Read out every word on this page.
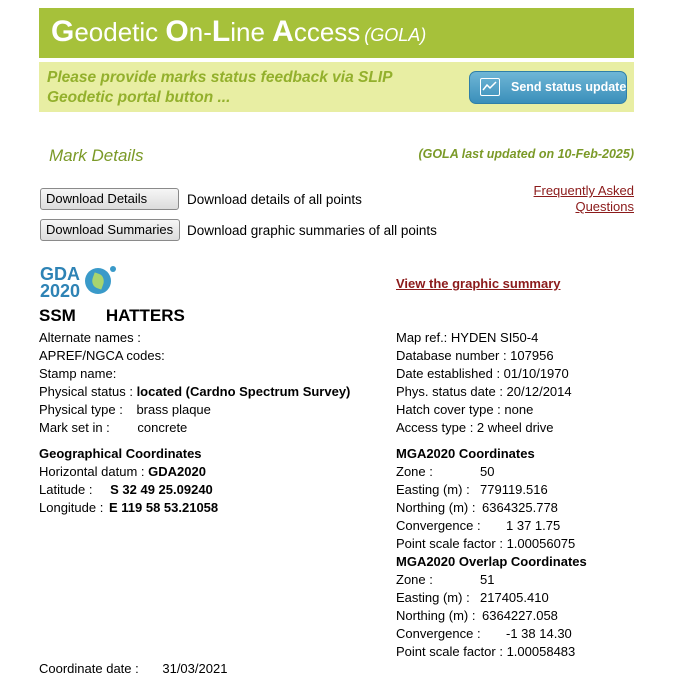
Geodetic On-Line Access (GOLA)
Please provide marks status feedback via SLIP
Geodetic portal button ...
Send status update
Mark Details	(GOLA last updated on 10-Feb-2025)
Download Details	Download details of all points
Download Summaries	Download graphic summaries of all points
Frequently Asked
Questions
GDA
2020	View the graphic summary
SSM HATTERS
Alternate names :
APREF/NGCA codes:
Stamp name:
Physical status : located (Cardno Spectrum Survey)
Physical type : brass plaque
Mark set in : concrete
Geographical Coordinates
Horizontal datum : GDA2020
Latitude : S 32 49 25.09240
Longitude : E 119 58 53.21058
Coordinate date : 31/03/2021
Map ref.: HYDEN SI50-4
Database number : 107956
Date established : 01/10/1970
Phys. status date : 20/12/2014
Hatch cover type : none
Access type : 2 wheel drive
MGA2020 Coordinates
Zone :	50
Easting (m) : 779119.516
Northing (m) : 6364325.778
Convergence : 1 37 1.75
Point scale factor : 1.00056075
MGA2020 Overlap Coordinates
Zone :	51
Easting (m) : 217405.410
Northing (m) : 6364227.058
Convergence : -1 38 14.30
Point scale factor : 1.00058483
